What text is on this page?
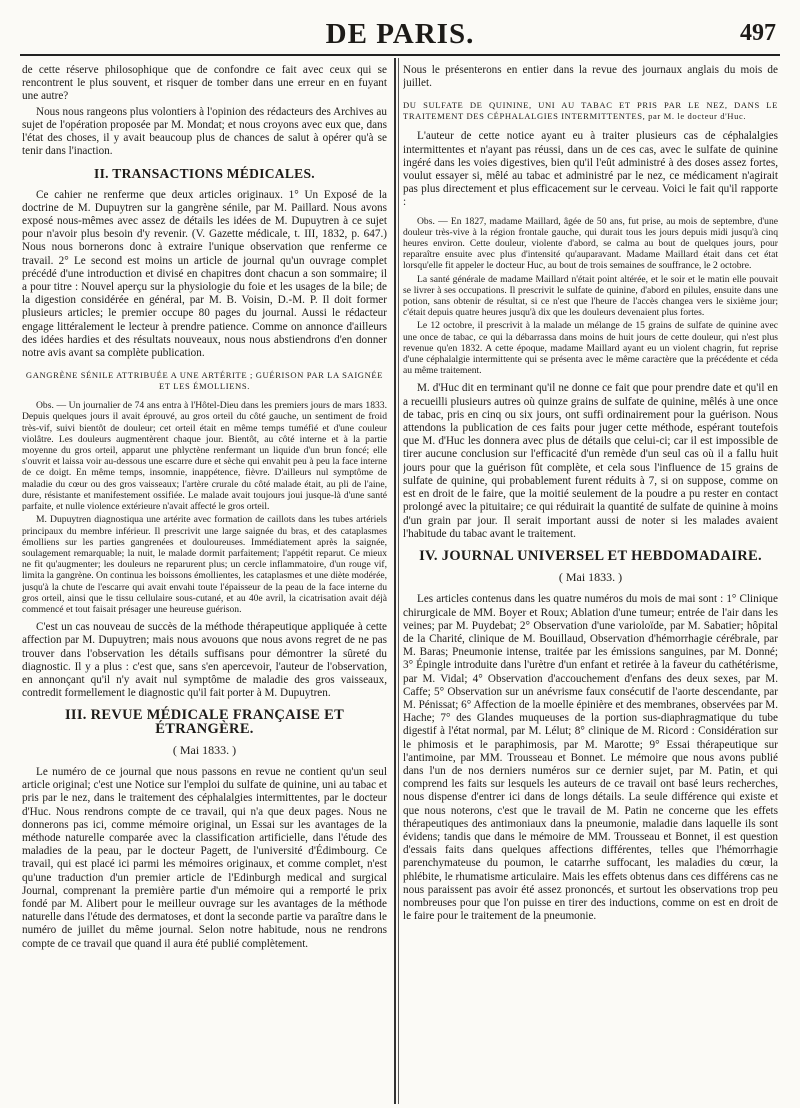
DE PARIS.	497

de cette réserve philosophique que de confondre ce fait avec ceux qui se rencontrent le plus souvent, et risquer de tomber dans une erreur en en fuyant une autre?

Nous nous rangeons plus volontiers à l'opinion des rédacteurs des Archives au sujet de l'opération proposée par M. Mondat; et nous croyons avec eux que, dans l'état des choses, il y avait beaucoup plus de chances de salut à opérer qu'à se tenir dans l'inaction.

II. TRANSACTIONS MÉDICALES.

Ce cahier ne renferme que deux articles originaux. 1° Un Exposé de la doctrine de M. Dupuytren sur la gangrène sénile, par M. Paillard. Nous avons exposé nous-mêmes avec assez de détails les idées de M. Dupuytren à ce sujet pour n'avoir plus besoin d'y revenir. (V. Gazette médicale, t. III, 1832, p. 647.) Nous nous bornerons donc à extraire l'unique observation que renferme ce travail. 2° Le second est moins un article de journal qu'un ouvrage complet précédé d'une introduction et divisé en chapitres dont chacun a son sommaire; il a pour titre : Nouvel aperçu sur la physiologie du foie et les usages de la bile; de la digestion considérée en général, par M. B. Voisin, D.-M. P. Il doit former plusieurs articles; le premier occupe 80 pages du journal. Aussi le rédacteur engage littéralement le lecteur à prendre patience. Comme on annonce d'ailleurs des idées hardies et des résultats nouveaux, nous nous abstiendrons d'en donner notre avis avant sa complète publication.

GANGRÈNE SÉNILE ATTRIBUÉE A UNE ARTÉRITE ; GUÉRISON PAR LA SAIGNÉE ET LES ÉMOLLIENS.

Obs. — Un journalier de 74 ans entra à l'Hôtel-Dieu dans les premiers jours de mars 1833. Depuis quelques jours il avait éprouvé, au gros orteil du côté gauche, un sentiment de froid très-vif, suivi bientôt de douleur; cet orteil était en même temps tuméfié et d'une couleur violâtre. Les douleurs augmentèrent chaque jour. Bientôt, au côté interne et à la partie moyenne du gros orteil, apparut une phlyctène renfermant un liquide d'un brun foncé; elle s'ouvrit et laissa voir au-dessous une escarre dure et sèche qui envahit peu à peu la face interne de ce doigt. En même temps, insomnie, inappétence, fièvre. D'ailleurs nul symptôme de maladie du cœur ou des gros vaisseaux; l'artère crurale du côté malade était, au pli de l'aine, dure, résistante et manifestement ossifiée. Le malade avait toujours joui jusque-là d'une santé parfaite, et nulle violence extérieure n'avait affecté le gros orteil.

M. Dupuytren diagnostiqua une artérite avec formation de caillots dans les tubes artériels principaux du membre inférieur. Il prescrivit une large saignée du bras, et des cataplasmes émolliens sur les parties gangrenées et douloureuses. Immédiatement après la saignée, soulagement remarquable; la nuit, le malade dormit parfaitement; l'appétit reparut. Ce mieux ne fit qu'augmenter; les douleurs ne reparurent plus; un cercle inflammatoire, d'un rouge vif, limita la gangrène. On continua les boissons émollientes, les cataplasmes et une diète modérée, jusqu'à la chute de l'escarre qui avait envahi toute l'épaisseur de la peau de la face interne du gros orteil, ainsi que le tissu cellulaire sous-cutané, et au 40e avril, la cicatrisation avait déjà commencé et tout faisait présager une heureuse guérison.

C'est un cas nouveau de succès de la méthode thérapeutique appliquée à cette affection par M. Dupuytren; mais nous avouons que nous avons regret de ne pas trouver dans l'observation les détails suffisans pour démontrer la sûreté du diagnostic. Il y a plus : c'est que, sans s'en apercevoir, l'auteur de l'observation, en annonçant qu'il n'y avait nul symptôme de maladie des gros vaisseaux, contredit formellement le diagnostic qu'il fait porter à M. Dupuytren.

III. REVUE MÉDICALE FRANÇAISE ET ÉTRANGÈRE.
( Mai 1833. )

Le numéro de ce journal que nous passons en revue ne contient qu'un seul article original; c'est une Notice sur l'emploi du sulfate de quinine, uni au tabac et pris par le nez, dans le traitement des céphalalgies intermittentes, par le docteur d'Huc. Nous rendrons compte de ce travail, qui n'a que deux pages. Nous ne donnerons pas ici, comme mémoire original, un Essai sur les avantages de la méthode naturelle comparée avec la classification artificielle, dans l'étude des maladies de la peau, par le docteur Pagett, de l'université d'Édimbourg. Ce travail, qui est placé ici parmi les mémoires originaux, et comme complet, n'est qu'une traduction d'un premier article de l'Edinburgh medical and surgical Journal, comprenant la première partie d'un mémoire qui a remporté le prix fondé par M. Alibert pour le meilleur ouvrage sur les avantages de la méthode naturelle dans l'étude des dermatoses, et dont la seconde partie va paraître dans le numéro de juillet du même journal. Selon notre habitude, nous ne rendrons compte de ce travail que quand il aura été publié complètement.

Nous le présenterons en entier dans la revue des journaux anglais du mois de juillet.

DU SULFATE DE QUININE, UNI AU TABAC ET PRIS PAR LE NEZ, DANS LE TRAITEMENT DES CÉPHALALGIES INTERMITTENTES, par M. le docteur d'Huc.

L'auteur de cette notice ayant eu à traiter plusieurs cas de céphalalgies intermittentes et n'ayant pas réussi, dans un de ces cas, avec le sulfate de quinine ingéré dans les voies digestives, bien qu'il l'eût administré à des doses assez fortes, voulut essayer si, mêlé au tabac et administré par le nez, ce médicament n'agirait pas plus directement et plus efficacement sur le cerveau. Voici le fait qu'il rapporte :

Obs. — En 1827, madame Maillard, âgée de 50 ans, fut prise, au mois de septembre, d'une douleur très-vive à la région frontale gauche, qui durait tous les jours depuis midi jusqu'à cinq heures environ. Cette douleur, violente d'abord, se calma au bout de quelques jours, pour reparaître ensuite avec plus d'intensité qu'auparavant. Madame Maillard était dans cet état lorsqu'elle fit appeler le docteur Huc, au bout de trois semaines de souffrance, le 2 octobre.

La santé générale de madame Maillard n'était point altérée, et le soir et le matin elle pouvait se livrer à ses occupations. Il prescrivit le sulfate de quinine, d'abord en pilules, ensuite dans une potion, sans obtenir de résultat, si ce n'est que l'heure de l'accès changea vers le sixième jour; c'était depuis quatre heures jusqu'à dix que les douleurs devenaient plus fortes.

Le 12 octobre, il prescrivit à la malade un mélange de 15 grains de sulfate de quinine avec une once de tabac, ce qui la débarrassa dans moins de huit jours de cette douleur, qui n'est plus revenue qu'en 1832. A cette époque, madame Maillard ayant eu un violent chagrin, fut reprise d'une céphalalgie intermittente qui se présenta avec le même caractère que la précédente et céda au même traitement.

M. d'Huc dit en terminant qu'il ne donne ce fait que pour prendre date et qu'il en a recueilli plusieurs autres où quinze grains de sulfate de quinine, mêlés à une once de tabac, pris en cinq ou six jours, ont suffi ordinairement pour la guérison. Nous attendons la publication de ces faits pour juger cette méthode, espérant toutefois que M. d'Huc les donnera avec plus de détails que celui-ci; car il est impossible de tirer aucune conclusion sur l'efficacité d'un remède d'un seul cas où il a fallu huit jours pour que la guérison fût complète, et cela sous l'influence de 15 grains de sulfate de quinine, qui probablement furent réduits à 7, si on suppose, comme on est en droit de le faire, que la moitié seulement de la poudre a pu rester en contact prolongé avec la pituitaire; ce qui réduirait la quantité de sulfate de quinine à moins d'un grain par jour. Il serait important aussi de noter si les malades avaient l'habitude du tabac avant le traitement.

IV. JOURNAL UNIVERSEL ET HEBDOMADAIRE.
( Mai 1833. )

Les articles contenus dans les quatre numéros du mois de mai sont : 1° Clinique chirurgicale de MM. Boyer et Roux; Ablation d'une tumeur; entrée de l'air dans les veines; par M. Puydebat; 2° Observation d'une varioloïde, par M. Sabatier; hôpital de la Charité, clinique de M. Bouillaud, Observation d'hémorrhagie cérébrale, par M. Baras; Pneumonie intense, traitée par les émissions sanguines, par M. Donné; 3° Épingle introduite dans l'urètre d'un enfant et retirée à la faveur du cathétérisme, par M. Vidal; 4° Observation d'accouchement d'enfans des deux sexes, par M. Caffe; 5° Observation sur un anévrisme faux consécutif de l'aorte descendante, par M. Pénissat; 6° Affection de la moelle épinière et des membranes, observées par M. Hache; 7° des Glandes muqueuses de la portion sus-diaphragmatique du tube digestif à l'état normal, par M. Lélut; 8° clinique de M. Ricord : Considération sur le phimosis et le paraphimosis, par M. Marotte; 9° Essai thérapeutique sur l'antimoine, par MM. Trousseau et Bonnet. Le mémoire que nous avons publié dans l'un de nos derniers numéros sur ce dernier sujet, par M. Patin, et qui comprend les faits sur lesquels les auteurs de ce travail ont basé leurs recherches, nous dispense d'entrer ici dans de longs détails. La seule différence qui existe et que nous noterons, c'est que le travail de M. Patin ne concerne que les effets thérapeutiques des antimoniaux dans la pneumonie, maladie dans laquelle ils sont évidens; tandis que dans le mémoire de MM. Trousseau et Bonnet, il est question d'essais faits dans quelques affections différentes, telles que l'hémorrhagie parenchymateuse du poumon, le catarrhe suffocant, les maladies du cœur, la phlébite, le rhumatisme articulaire. Mais les effets obtenus dans ces différens cas ne nous paraissent pas avoir été assez prononcés, et surtout les observations trop peu nombreuses pour que l'on puisse en tirer des inductions, comme on est en droit de le faire pour le traitement de la pneumonie.
